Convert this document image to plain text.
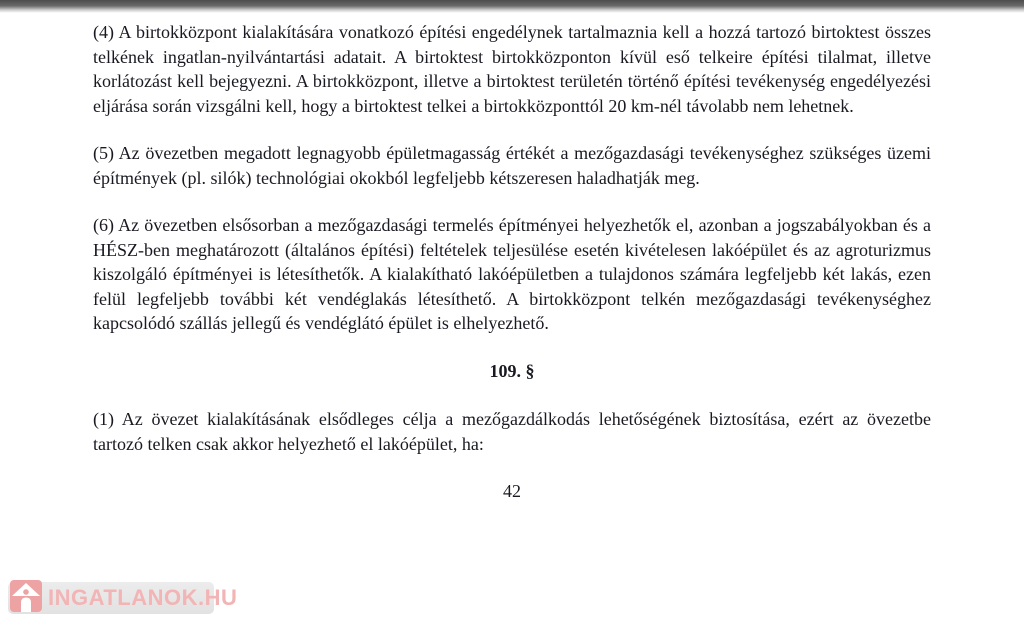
(4) A birtokközpont kialakítására vonatkozó építési engedélynek tartalmaznia kell a hozzá tartozó birtoktest összes telkének ingatlan-nyilvántartási adatait. A birtoktest birtokközponton kívül eső telkeire építési tilalmat, illetve korlátozást kell bejegyezni. A birtokközpont, illetve a birtoktest területén történő építési tevékenység engedélyezési eljárása során vizsgálni kell, hogy a birtoktest telkei a birtokközponttól 20 km-nél távolabb nem lehetnek.

(5) Az övezetben megadott legnagyobb épületmagasság értékét a mezőgazdasági tevékenységhez szükséges üzemi építmények (pl. silók) technológiai okokból legfeljebb kétszeresen haladhatják meg.

(6) Az övezetben elsősorban a mezőgazdasági termelés építményei helyezhetők el, azonban a jogszabályokban és a HÉSZ-ben meghatározott (általános építési) feltételek teljesülése esetén kivételesen lakóépület és az agroturizmus kiszolgáló építményei is létesíthetők. A kialakítható lakóépületben a tulajdonos számára legfeljebb két lakás, ezen felül legfeljebb további két vendéglakás létesíthető. A birtokközpont telkén mezőgazdasági tevékenységhez kapcsolódó szállás jellegű és vendéglátó épület is elhelyezhető.

109. §

(1) Az övezet kialakításának elsődleges célja a mezőgazdálkodás lehetőségének biztosítása, ezért az övezetbe tartozó telken csak akkor helyezhető el lakóépület, ha:

42
INGATLANOK.HU
